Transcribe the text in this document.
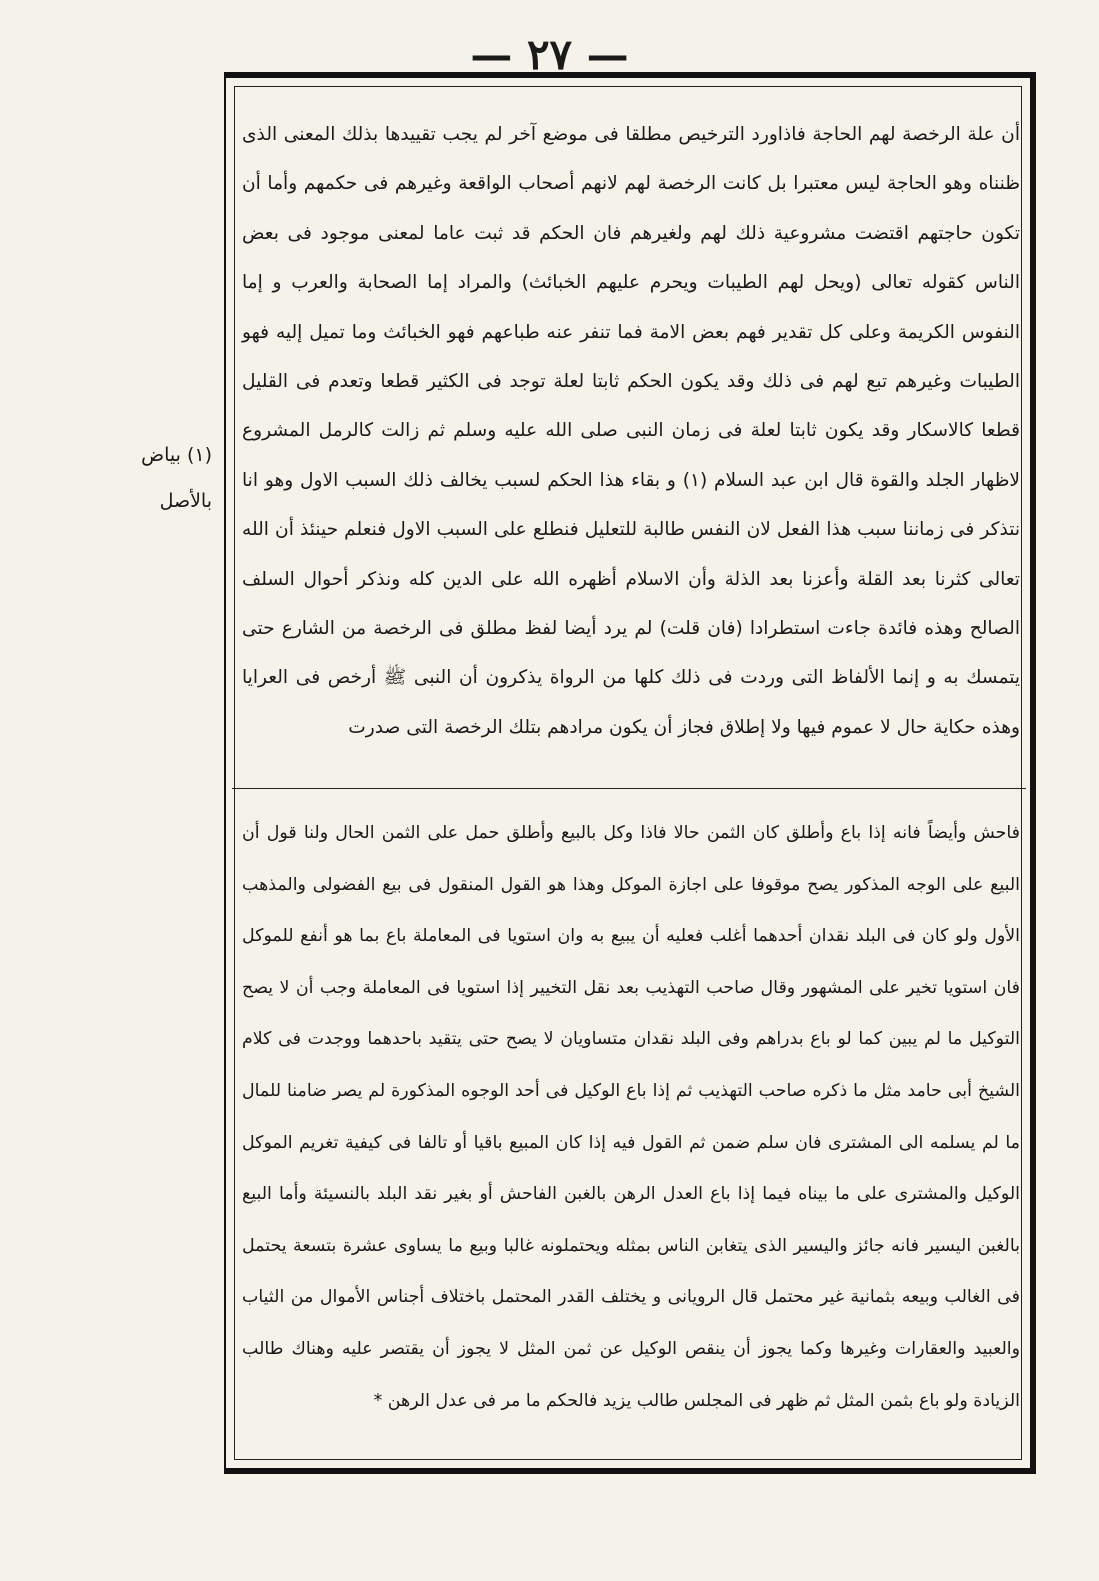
— ٢٧ —
(١) بياض بالأصل

أن علة الرخصة لهم الحاجة فاذاورد الترخيص مطلقا فى موضع آخر لم يجب تقييدها بذلك المعنى الذى ظنناه وهو الحاجة ليس معتبرا بل كانت الرخصة لهم لانهم أصحاب الواقعة وغيرهم فى حكمهم وأما أن تكون حاجتهم اقتضت مشروعية ذلك لهم ولغيرهم فان الحكم قد ثبت عاما لمعنى موجود فى بعض الناس كقوله تعالى (ويحل لهم الطيبات ويحرم عليهم الخبائث) والمراد إما الصحابة والعرب و إما النفوس الكريمة وعلى كل تقدير فهم بعض الامة فما تنفر عنه طباعهم فهو الخبائث وما تميل إليه فهو الطيبات وغيرهم تبع لهم فى ذلك وقد يكون الحكم ثابتا لعلة توجد فى الكثير قطعا وتعدم فى القليل قطعا كالاسكار وقد يكون ثابتا لعلة فى زمان النبى صلى الله عليه وسلم ثم زالت كالرمل المشروع لاظهار الجلد والقوة قال ابن عبد السلام (١) و بقاء هذا الحكم لسبب يخالف ذلك السبب الاول وهو انا نتذكر فى زماننا سبب هذا الفعل لان النفس طالبة للتعليل فنطلع على السبب الاول فنعلم حينئذ أن الله تعالى كثرنا بعد القلة وأعزنا بعد الذلة وأن الاسلام أظهره الله على الدين كله ونذكر أحوال السلف الصالح وهذه فائدة جاءت استطرادا (فان قلت) لم يرد أيضا لفظ مطلق فى الرخصة من الشارع حتى يتمسك به و إنما الألفاظ التى وردت فى ذلك كلها من الرواة يذكرون أن النبى ﷺ أرخص فى العرايا وهذه حكاية حال لا عموم فيها ولا إطلاق فجاز أن يكون مرادهم بتلك الرخصة التى صدرت

فاحش وأيضاً فانه إذا باع وأطلق كان الثمن حالا فاذا وكل بالبيع وأطلق حمل على الثمن الحال ولنا قول أن البيع على الوجه المذكور يصح موقوفا على اجازة الموكل وهذا هو القول المنقول فى بيع الفضولى والمذهب الأول ولو كان فى البلد نقدان أحدهما أغلب فعليه أن يبيع به وان استويا فى المعاملة باع بما هو أنفع للموكل فان استويا تخير على المشهور وقال صاحب التهذيب بعد نقل التخيير إذا استويا فى المعاملة وجب أن لا يصح التوكيل ما لم يبين كما لو باع بدراهم وفى البلد نقدان متساويان لا يصح حتى يتقيد باحدهما ووجدت فى كلام الشيخ أبى حامد مثل ما ذكره صاحب التهذيب ثم إذا باع الوكيل فى أحد الوجوه المذكورة لم يصر ضامنا للمال ما لم يسلمه الى المشترى فان سلم ضمن ثم القول فيه إذا كان المبيع باقيا أو تالفا فى كيفية تغريم الموكل الوكيل والمشترى على ما بيناه فيما إذا باع العدل الرهن بالغبن الفاحش أو بغير نقد البلد بالنسيئة وأما البيع بالغبن اليسير فانه جائز واليسير الذى يتغابن الناس بمثله ويحتملونه غالبا وبيع ما يساوى عشرة بتسعة يحتمل فى الغالب وبيعه بثمانية غير محتمل قال الرويانى و يختلف القدر المحتمل باختلاف أجناس الأموال من الثياب والعبيد والعقارات وغيرها وكما يجوز أن ينقص الوكيل عن ثمن المثل لا يجوز أن يقتصر عليه وهناك طالب الزيادة ولو باع بثمن المثل ثم ظهر فى المجلس طالب يزيد فالحكم ما مر فى عدل الرهن *
